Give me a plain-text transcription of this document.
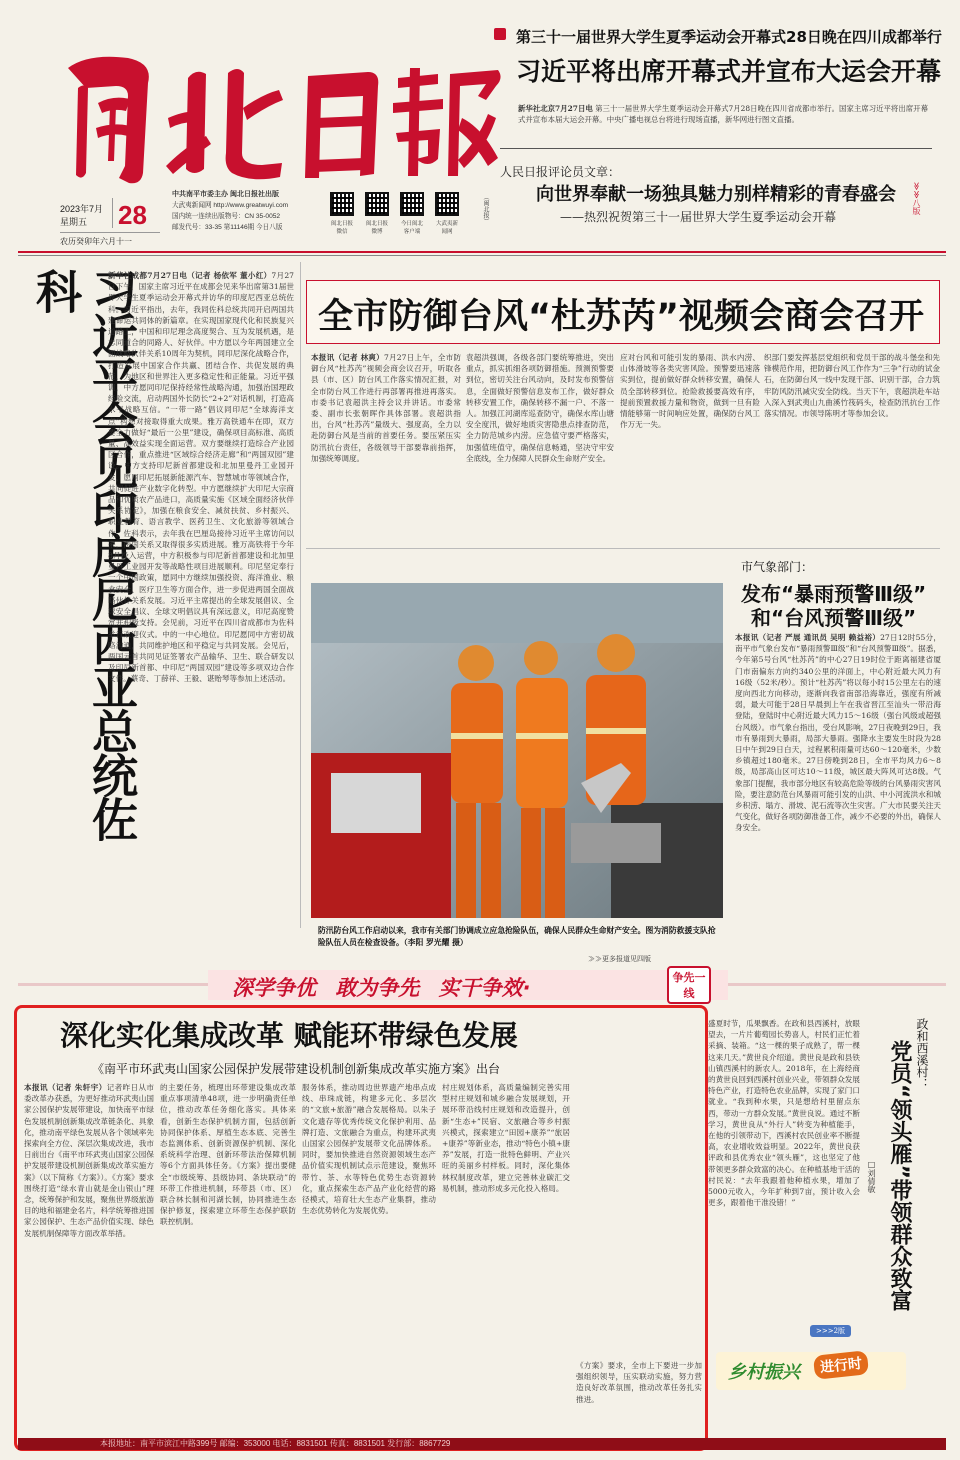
2023年7月
星期五 28
农历癸卯年六月十一
中共南平市委主办 闽北日报社出版
大武夷新闻网 http://www.greatwuyi.com
国内统一连续出版物号：CN 35-0052
邮发代号：33-35 第11146期 今日八版	闽北日报微信
闽北日报微博
今日闽北客户端
大武夷新闻网
（闽北报）
第三十一届世界大学生夏季运动会开幕式28日晚在四川成都举行
习近平将出席开幕式并宣布大运会开幕
新华社北京7月27日电 第三十一届世界大学生夏季运动会开幕式7月28日晚在四川省成都市举行。国家主席习近平将出席开幕式并宣布本届大运会开幕。中央广播电视总台将进行现场直播，新华网进行图文直播。
人民日报评论员文章：
向世界奉献一场独具魅力别样精彩的青春盛会
——热烈祝贺第三十一届世界大学生夏季运动会开幕
≫≫八版
习近平会见印度尼西亚总统佐科	新华社成都7月27日电（记者 杨依军 董小红）7月27日下午，国家主席习近平在成都会见来华出席第31届世界大学生夏季运动会开幕式并访华的印度尼西亚总统佐科。习近平指出，去年，我同佐科总统共同开启两国共建命运共同体的新篇章。在实现国家现代化和民族复兴道路上，中国和印尼理念高度契合、互为发展机遇，是志同道合的同路人、好伙伴。中方愿以今年两国建立全面战略伙伴关系10周年为契机，同印尼深化战略合作，打造发展中国家合作共赢、团结合作、共促发展的典范，为地区和世界注入更多稳定性和正能量。习近平强调，中方愿同印尼保持经常性战略沟通，加强治国理政经验交流，启动两国外长防长“2+2”对话机制，打造高水平战略互信。“一带一路”倡议同印尼“全球海洋支点”构想对接取得重大成果。雅万高铁通车在即，双方要全力做好“最后一公里”建设，确保项目高标准、高质量、高效益实现全面运营。双方要继续打造综合产业园区合作，重点推进“区域综合经济走廊”和“两国双园”建设。中方支持印尼新首都建设和北加里曼丹工业园开发，愿同印尼拓展新能源汽车、智慧城市等领域合作，共同促进产业数字化转型。中方愿继续扩大印尼大宗商品和优质农产品进口，高质量实施《区域全面经济伙伴关系协定》，加强在粮食安全、减贫扶贫、乡村振兴、职业教育、语言教学、医药卫生、文化旅游等领域合作。佐科表示，去年我在巴厘岛接待习近平主席访问以来，两国关系又取得很多实质进展。雅万高铁将于今年8月投入运营，中方积极参与印尼新首都建设和北加里曼丹工业园开发等战略性项目进展顺利。印尼坚定奉行一个中国政策，愿同中方继续加强投资、海洋渔业、粮食安全、医疗卫生等方面合作，进一步促进两国全面战略伙伴关系发展。习近平主席提出的全球发展倡议、全球安全倡议、全球文明倡议具有深远意义，印尼高度赞赏并积极支持。会见前，习近平在四川省成都市为佐科举行欢迎仪式。中的一中心地位。印尼愿同中方密切战略沟通，共同维护地区和平稳定与共同发展。会见后，两国元首共同见证签署农产品输华、卫生、联合研发以及印尼新首都、中印尼“两国双园”建设等多项双边合作文件。蔡奇、丁薛祥、王毅、谌贻琴等参加上述活动。
全市防御台风“杜苏芮”视频会商会召开
本报讯（记者 林爽）7月27日上午，全市防御台风“杜苏芮”视频会商会议召开，听取各县（市、区）防台风工作落实情况汇报，对全市防台风工作进行再部署再推进再落实。市委书记袁超洪主持会议并讲话。市委常委、副市长张朝晖作具体部署。袁超洪指出，台风“杜苏芮”量级大、强度高，全力以赴防御台风是当前的首要任务。要压紧压实防汛抗台责任，各级领导干部要靠前指挥，加强统筹调度。
袁超洪强调，各级各部门要统筹推进，突出重点，抓实抓细各项防御措施。预测预警要到位，密切关注台风动向，及时发布预警信息，全面做好预警信息发布工作，做好群众转移安置工作，确保转移不漏一户、不落一人。加强江河湖库巡查防守，确保水库山塘安全度汛，做好地质灾害隐患点排查防范，全力防范城乡内涝。应急值守要严格落实，加强值班值守，确保信息畅通，坚决守牢安全底线，全力保障人民群众生命财产安全。
应对台风和可能引发的暴雨、洪水内涝、山体滑坡等各类灾害风险。预警要迅速落实到位，提前做好群众转移安置，确保人员全部转移到位。抢险救援要高效有序，提前预置救援力量和物资，做到一旦有险情能够第一时间响应处置，确保防台风工作万无一失。
织部门要发挥基层党组织和党员干部的战斗堡垒和先锋模范作用，把防御台风工作作为“三争”行动的试金石，在防御台风一线中发现干部、识别干部，合力筑牢防风防汛减灾安全防线。当天下午，袁超洪赴车站入深入到武夷山九曲溪竹筏码头，检查防汛抗台工作落实情况。市领导陈明才等参加会议。
防汛防台风工作启动以来，我市有关部门协调成立应急抢险队伍，确保人民群众生命财产安全。图为消防救援支队抢险队伍人员在检查设备。（李阳 罗光耀 摄）
≫≫更多报道见四版
市气象部门：
发布“暴雨预警Ⅲ级”
和“台风预警Ⅲ级”
本报讯（记者 严展 通讯员 吴明 赖益裕）27日12时55分，南平市气象台发布“暴雨预警Ⅲ级”和“台风预警Ⅲ级”。据悉，今年第5号台风“杜苏芮”的中心27日19时位于距离福建省厦门市南偏东方向约340公里的洋面上，中心附近最大风力有16级（52米/秒）。预计“杜苏芮”将以每小时15公里左右的速度向西北方向移动，逐渐向我省南部沿海靠近，强度有所减弱，最大可能于28日早晨到上午在我省晋江至汕头一带沿海登陆，登陆时中心附近最大风力15～16级（强台风级或超强台风级）。市气象台指出，受台风影响，27日夜晚到29日，我市有暴雨到大暴雨，局部大暴雨。强降水主要发生时段为28日中午到29日白天，过程累积雨量可达60～120毫米，少数乡镇超过180毫米。27日傍晚到28日，全市平均风力6～8级，局部高山区可达10～11级，城区最大阵风可达8级。气象部门提醒，我市部分地区有较高危险等级的台风暴雨灾害风险，要注意防范台风暴雨可能引发的山洪、中小河流洪水和城乡积涝、塌方、滑坡、泥石流等次生灾害。广大市民要关注天气变化，做好各项防御准备工作，减少不必要的外出，确保人身安全。
深学争优 敢为争先 实干争效·	争先一线
深化实化集成改革 赋能环带绿色发展
《南平市环武夷山国家公园保护发展带建设机制创新集成改革实施方案》出台
本报讯（记者 朱轩宇）记者昨日从市委改革办获悉，为更好推动环武夷山国家公园保护发展带建设，加快南平市绿色发展机制创新集成改革链条化、具象化，推动南平绿色发展从各个领域率先探索向全方位、深层次集成改进，我市日前出台《南平市环武夷山国家公园保护发展带建设机制创新集成改革实施方案》（以下简称《方案》）。《方案》要求围绕打造“绿水青山就是金山银山”理念，统筹保护和发展，聚焦世界级旅游目的地和福建金名片，科学统筹推进国家公园保护、生态产品价值实现、绿色发展机制保障等方面改革举措。
的主要任务，梳理出环带建设集成改革重点事项清单48项，进一步明确责任单位，推动改革任务细化落实。具体来看，创新生态保护机制方面，包括创新协同保护体系、厚植生态本底、完善生态监测体系、创新资源保护机制、深化系统科学治理、创新环带法治保障机制等6个方面具体任务。《方案》提出要健全“市级统筹、县级协同、条块联动”的环带工作推进机制，环带县（市、区）联合林长制和河湖长制，协同推进生态保护修复，探索建立环带生态保护联防联控机制。
服务体系，推动周边世界遗产地串点成线、串珠成链，构建多元化、多层次的“文旅+旅游”融合发展格局。以朱子文化遗存等优秀传统文化保护利用、品牌打造、文旅融合为重点，构建环武夷山国家公园保护发展带文化品牌体系。同时，要加快推进自然资源领域生态产品价值实现机制试点示范建设，聚焦环带竹、茶、水等特色优势生态资源转化，重点探索生态产品产业化经营的路径模式，培育壮大生态产业集群，推动生态优势转化为发展优势。
村庄规划体系，高质量编制完善实用型村庄规划和城乡融合发展规划，开展环带沿线村庄规划和改造提升，创新“生态+”民宿、文旅融合等乡村振兴模式，探索建立“田园+康养”“旅居+康养”等新业态，推动“特色小镇+康养”发展，打造一批特色鲜明、产业兴旺的美丽乡村样板。同时，深化集体林权制度改革，建立完善林业碳汇交易机制，推动形成多元化投入格局。
《方案》要求，全市上下要进一步加强组织领导，压实联动实施，努力营造良好改革氛围，推动改革任务扎实推进。
政和西溪村：
党员“领头雁”带领群众致富
□刘倩敏
盛夏时节，瓜果飘香。在政和县西溪村，放眼望去，一片片葡萄园长势喜人，村民们正忙着采摘、装箱。“这一棵的果子成熟了，帮一棵这来几天。”黄世良介绍道。黄世良是政和县铁山镇西溪村的新农人。2018年，在上海经商的黄世良回到西溪村创业兴业，带领群众发展特色产业，打造特色农业品牌，实现了家门口就业。“我到种水果，只是想给村里留点东西，带动一方群众发展。”黄世良说。通过不断学习，黄世良从“外行人”转变为种植能手，在他的引领带动下，西溪村农民创业率不断提高，农业增收效益明显。2022年，黄世良获评政和县优秀农业“领头雁”，这也坚定了他带领更多群众致富的决心。在种植基地干活的村民说：“去年我跟着他种植水果，增加了5000元收入，今年扩种到7亩，预计收入会更多，跟着他干准没错！”
>>>2版
乡村振兴	进行时
本报地址：南平市滨江中路399号 邮编：353000 电话：8831501 传真：8831501 发行部：8867729
